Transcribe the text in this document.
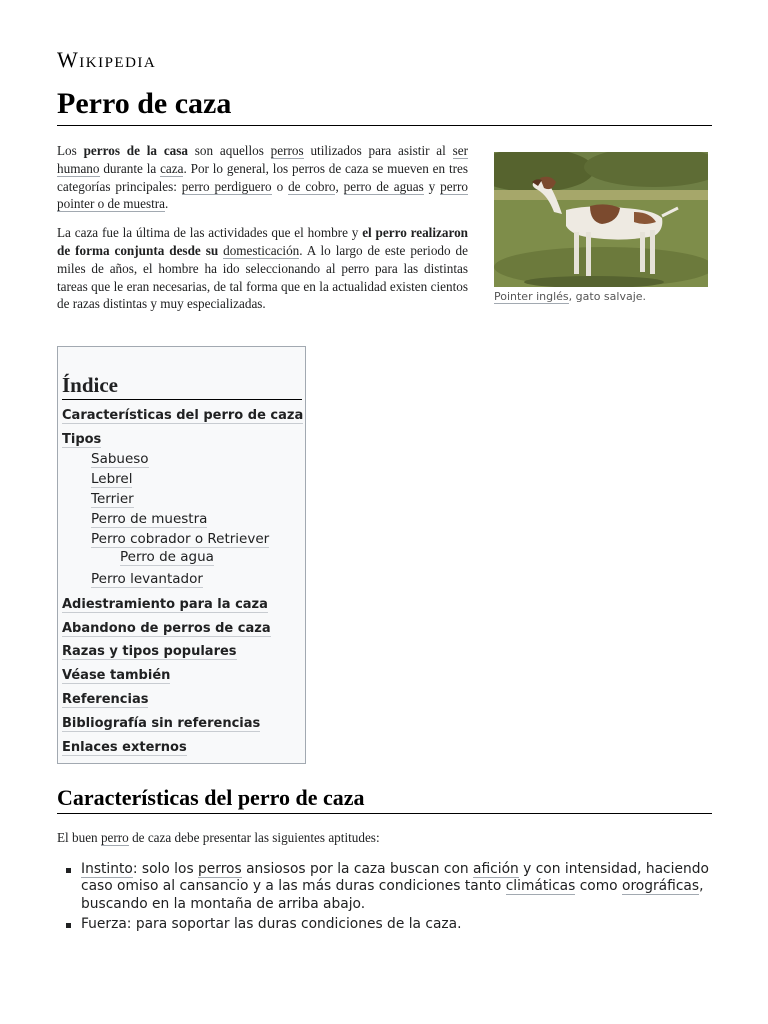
Wikipedia
Perro de caza

Los perros de la casa son aquellos perros utilizados para asistir al ser humano durante la caza. Por lo general, los perros de caza se mueven en tres categorías principales: perro perdiguero o de cobro, perro de aguas y perro pointer o de muestra.

La caza fue la última de las actividades que el hombre y el perro realizaron de forma conjunta desde su domesticación. A lo largo de este periodo de miles de años, el hombre ha ido seleccionando al perro para las distintas tareas que le eran necesarias, de tal forma que en la actualidad existen cientos de razas distintas y muy especializadas.	Pointer inglés, gato salvaje.
Índice
Características del perro de caza
Tipos
Sabueso
Lebrel
Terrier
Perro de muestra
Perro cobrador o Retriever
Perro de agua
Perro levantador
Adiestramiento para la caza
Abandono de perros de caza
Razas y tipos populares
Véase también
Referencias
Bibliografía sin referencias
Enlaces externos
Características del perro de caza

El buen perro de caza debe presentar las siguientes aptitudes:

Instinto: solo los perros ansiosos por la caza buscan con afición y con intensidad, haciendo caso omiso al cansancio y a las más duras condiciones tanto climáticas como orográficas, buscando en la montaña de arriba abajo.
Fuerza: para soportar las duras condiciones de la caza.
